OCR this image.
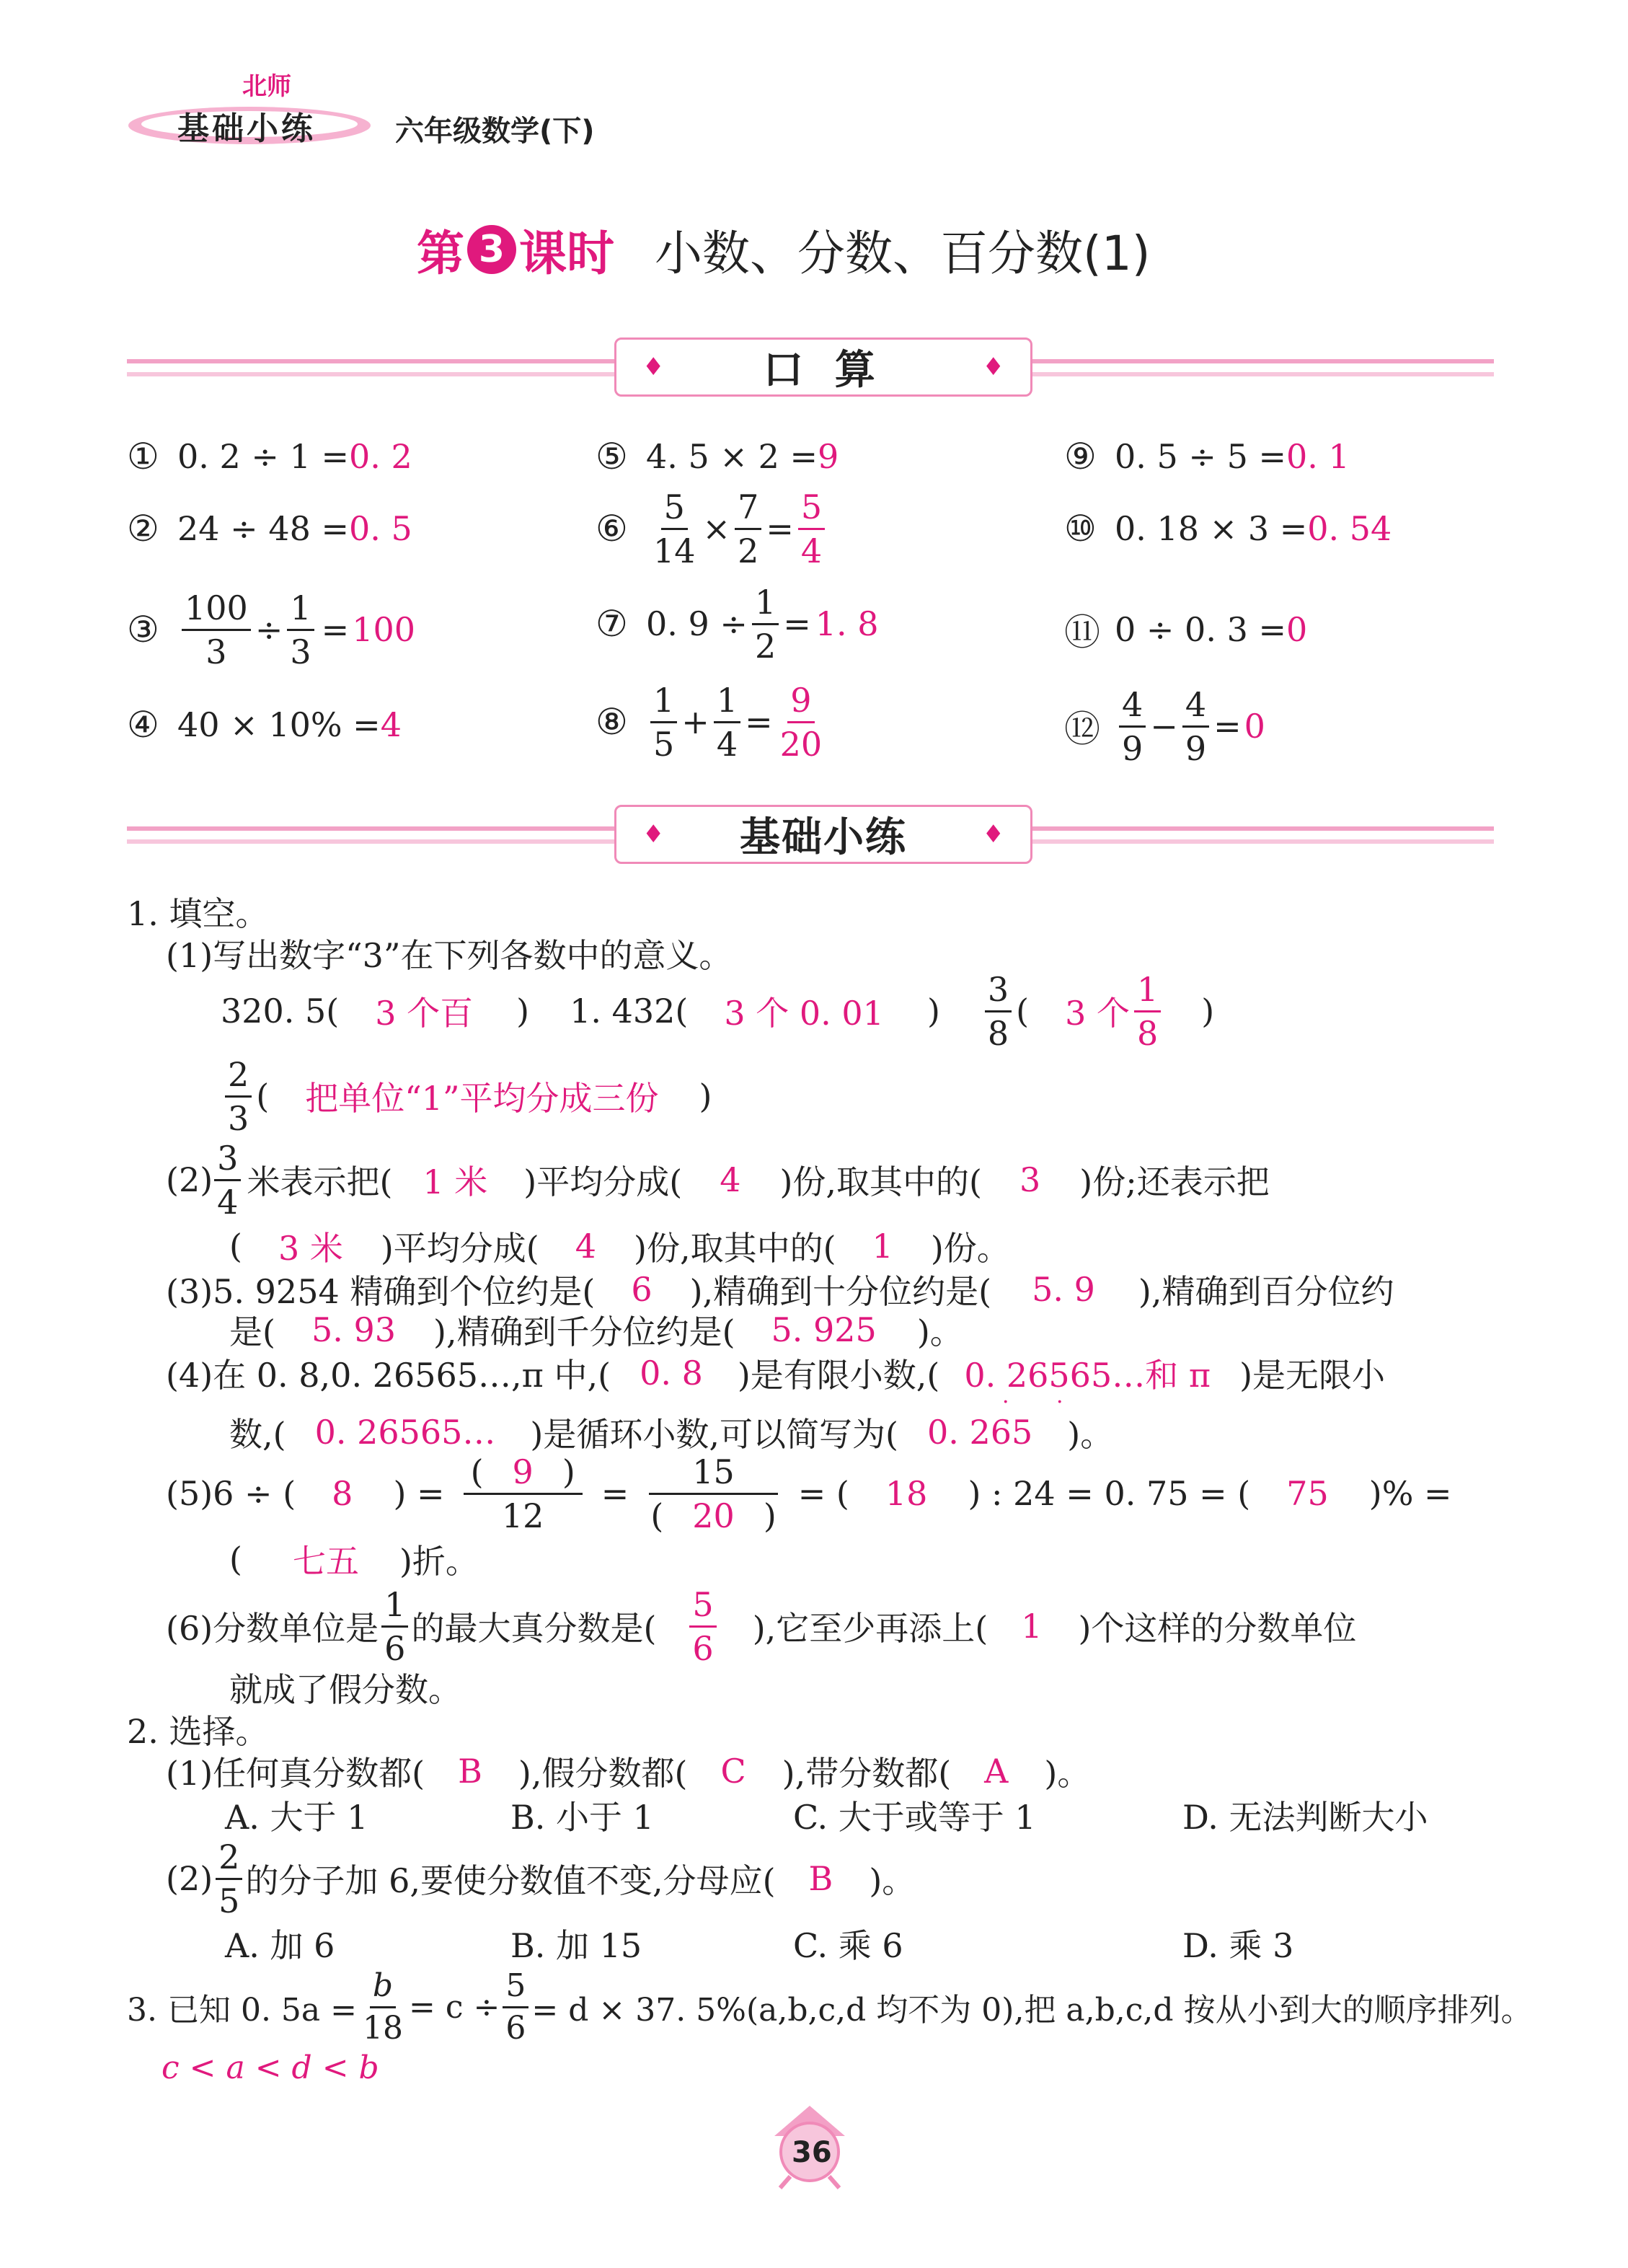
北师
基础小练	六年级数学(下)
第 3 课时 小数、分数、百分数(1)
♦ 口 算	♦
① 0. 2 ÷ 1 = 0. 2
② 24 ÷ 48 = 0. 5
③ $\frac{100}{3} \div \frac{1}{3} = 100$
④ 40 × 10% = 4
⑤ 4. 5 × 2 = 9
⑥ $\frac{5}{14} \times \frac{7}{2} = \frac{5}{4}$
⑦ 0. $9 \div \frac{1}{2} = 1$. 8
⑧ $\frac{1}{5} + \frac{1}{4} = \frac{9}{20}$
⑨ 0. 5 ÷ 5 = 0. 1
⑩ 0. 18 × 3 = 0. 54
⑪ 0 ÷ 0. 3 = 0
⑫ $\frac{4}{9} - \frac{4}{9} = 0$
♦ 基础小练	♦
1. 填空。
(1)写出数字“3”在下列各数中的意义。
320. 5( 3 个百 ) 1. 432( 3 个 0. 01 ) $\frac{3}{8}$ ( 3 个 $\frac{1}{8}$ )
$\frac{2}{3}$ ( 把单位“1”平均分成三份 )
$(2) \frac{3}{4}$ 米表示把( 1 米 )平均分成( 4 )份,取其中的( 3 )份;还表示把
( 3 米 )平均分成( 4 )份,取其中的( 1 )份。
(3)5. 9254 精确到个位约是( 6 ),精确到十分位约是( 5. 9 ),精确到百分位约
是( 5. 93 ),精确到千分位约是( 5. 925 )。
(4)在 0. 8,0. 26565…,π 中,( 0. 8 )是有限小数,( 0. 26565…和 π )是无限小
数,( 0. 26565… )是循环小数,可以简写为(
· ·
0. 265 )。
(5)6 ÷ ( 8 ) = $\frac{( 9 )}{12} = \frac{15}{( 20 )}$ = ( 18 ) : 24 = 0. 75 = ( 75 )% =
( 七五 )折。
(6)分数单位是 $\frac{1}{6}$ 的最大真分数是( $\frac{5}{6}$ ),它至少再添上( 1 )个这样的分数单位
就成了假分数。
2. 选择。
(1)任何真分数都( B ),假分数都( C ),带分数都( A )。
A. 大于 1	B. 小于 1	C. 大于或等于 1	D. 无法判断大小
$(2) \frac{2}{5}$ 的分子加 6,要使分数值不变,分母应( B )。
A. 加 6	B. 加 15	C. 乘 6	D. 乘 3
3. 已知 0. $5a = \frac{b}{18} = c \div \frac{5}{6} = d \times 37$. 5%(a,b,c,d 均不为 0),把 a,b,c,d 按从小到大的顺序排列。
c < a < d < b
36
